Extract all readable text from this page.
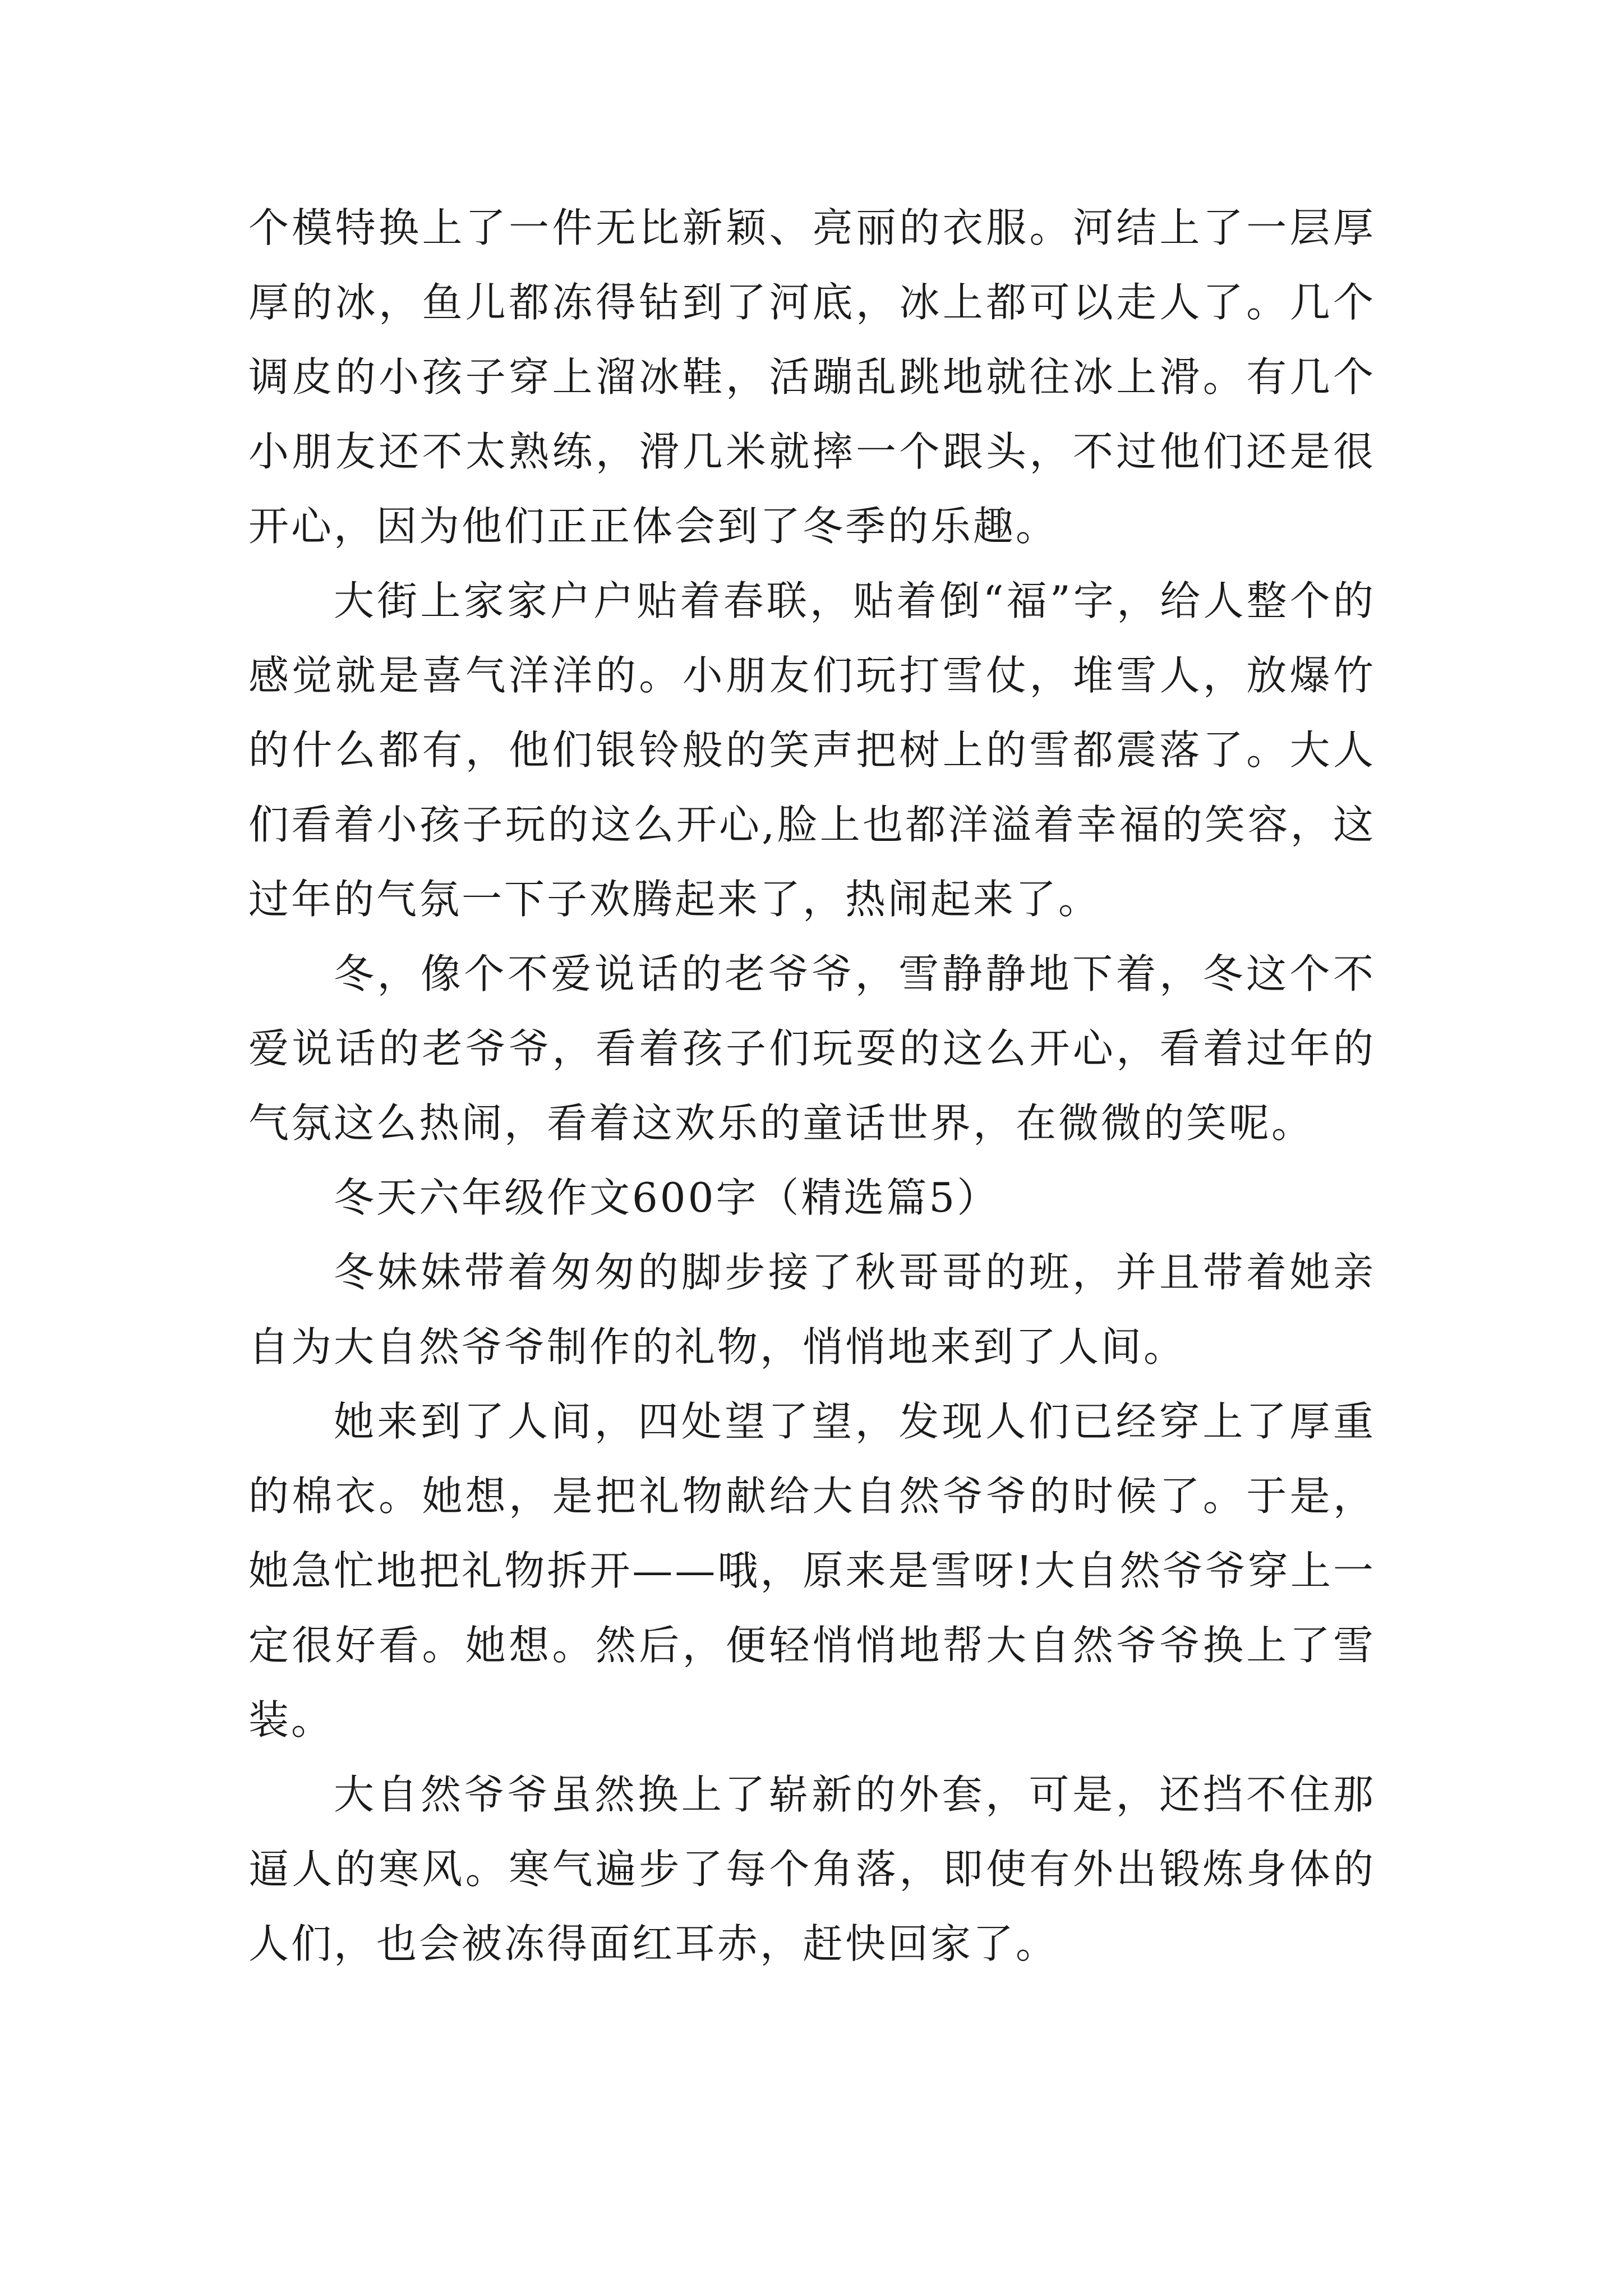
个模特换上了一件无比新颖、亮丽的衣服。河结上了一层厚厚的冰，鱼儿都冻得钻到了河底，冰上都可以走人了。几个调皮的小孩子穿上溜冰鞋，活蹦乱跳地就往冰上滑。有几个小朋友还不太熟练，滑几米就摔一个跟头，不过他们还是很开心，因为他们正正体会到了冬季的乐趣。

大街上家家户户贴着春联，贴着倒“福”字，给人整个的感觉就是喜气洋洋的。小朋友们玩打雪仗，堆雪人，放爆竹的什么都有，他们银铃般的笑声把树上的雪都震落了。大人们看着小孩子玩的这么开心,脸上也都洋溢着幸福的笑容，这过年的气氛一下子欢腾起来了，热闹起来了。

冬，像个不爱说话的老爷爷，雪静静地下着，冬这个不爱说话的老爷爷，看着孩子们玩耍的这么开心，看着过年的气氛这么热闹，看着这欢乐的童话世界，在微微的笑呢。

冬天六年级作文600字（精选篇5）

冬妹妹带着匆匆的脚步接了秋哥哥的班，并且带着她亲自为大自然爷爷制作的礼物，悄悄地来到了人间。

她来到了人间，四处望了望，发现人们已经穿上了厚重的棉衣。她想，是把礼物献给大自然爷爷的时候了。于是，她急忙地把礼物拆开——哦，原来是雪呀!大自然爷爷穿上一定很好看。她想。然后，便轻悄悄地帮大自然爷爷换上了雪装。

大自然爷爷虽然换上了崭新的外套，可是，还挡不住那逼人的寒风。寒气遍步了每个角落，即使有外出锻炼身体的人们，也会被冻得面红耳赤，赶快回家了。
